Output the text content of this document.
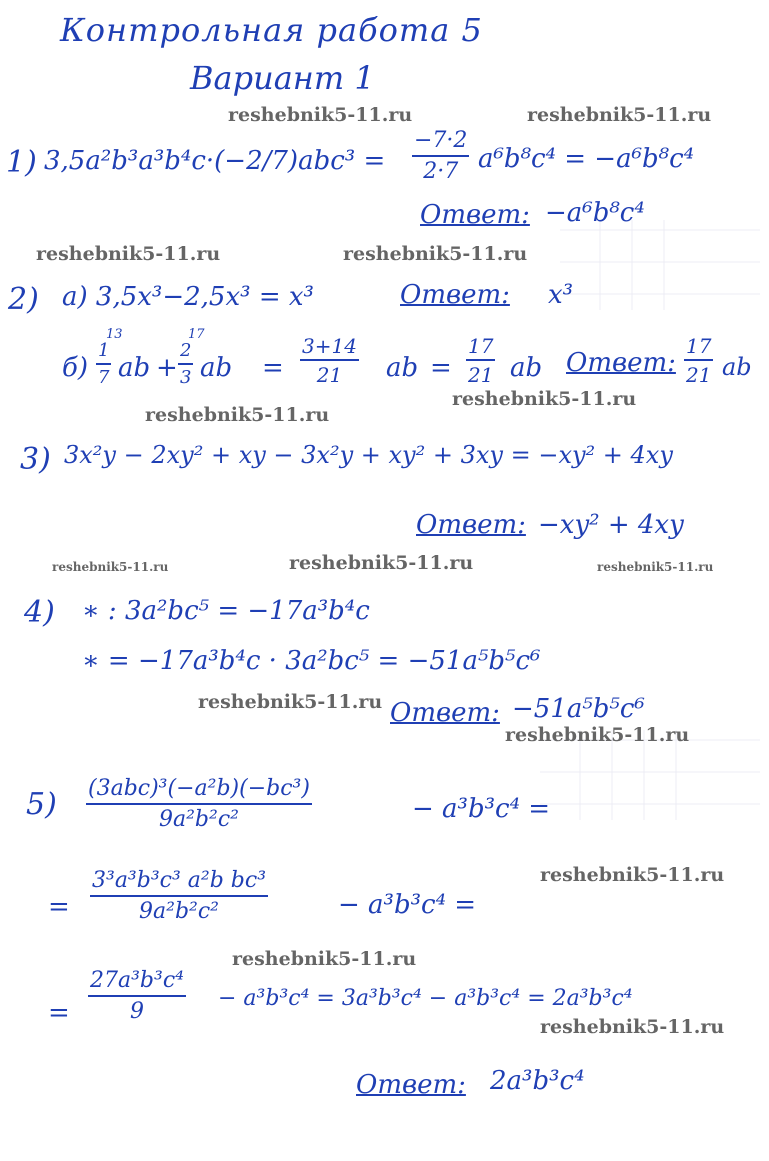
Контрольная работа 5
Вариант 1
reshebnik5-11.ru	reshebnik5-11.ru
reshebnik5-11.ru	reshebnik5-11.ru
reshebnik5-11.ru
reshebnik5-11.ru
reshebnik5-11.ru	reshebnik5-11.ru	reshebnik5-11.ru
reshebnik5-11.ru
reshebnik5-11.ru
reshebnik5-11.ru
reshebnik5-11.ru
reshebnik5-11.ru
1) $3,5a^2b^3a^3b^4c\cdot(-2/7)abc^3 = \frac{-7\cdot 2}{2\cdot 7} a^6b^8c^4 = -a^6b^8c^4$
Ответ: −a⁶b⁸c⁴
2) а) 3,5x³−2,5x³ = x³	Ответ: x³
б)
13
$\frac{1}{7}$ ab +
17
$\frac{2}{3}$ ab = $\frac{3+14}{21}$ ab = $\frac{17}{21}$ ab Ответ: $\frac{17}{21}$ ab
3) 3x²y − 2xy² + xy − 3x²y + xy² + 3xy = −xy² + 4xy
Ответ: −xy² + 4xy
4) ∗ : 3a²bc⁵ = −17a³b⁴c
∗ = −17a³b⁴c · 3a²bc⁵ = −51a⁵b⁵c⁶
Ответ: −51a⁵b⁵c⁶
5) (3abc)³(−a²b)(−bc³)
9a²b²c²	− a³b³c⁴ =
= $\frac{\text{3³a³b³c³ a²b bc³}}{\text{9a²b²c²}}$	− a³b³c⁴ =
= $\frac{\text{27a³b³c⁴}}{9} - a^3b^3c^4 = 3a^3b^3c^4 - a^3b^3c^4 = 2a^3b^3c^4$
Ответ: 2a³b³c⁴
